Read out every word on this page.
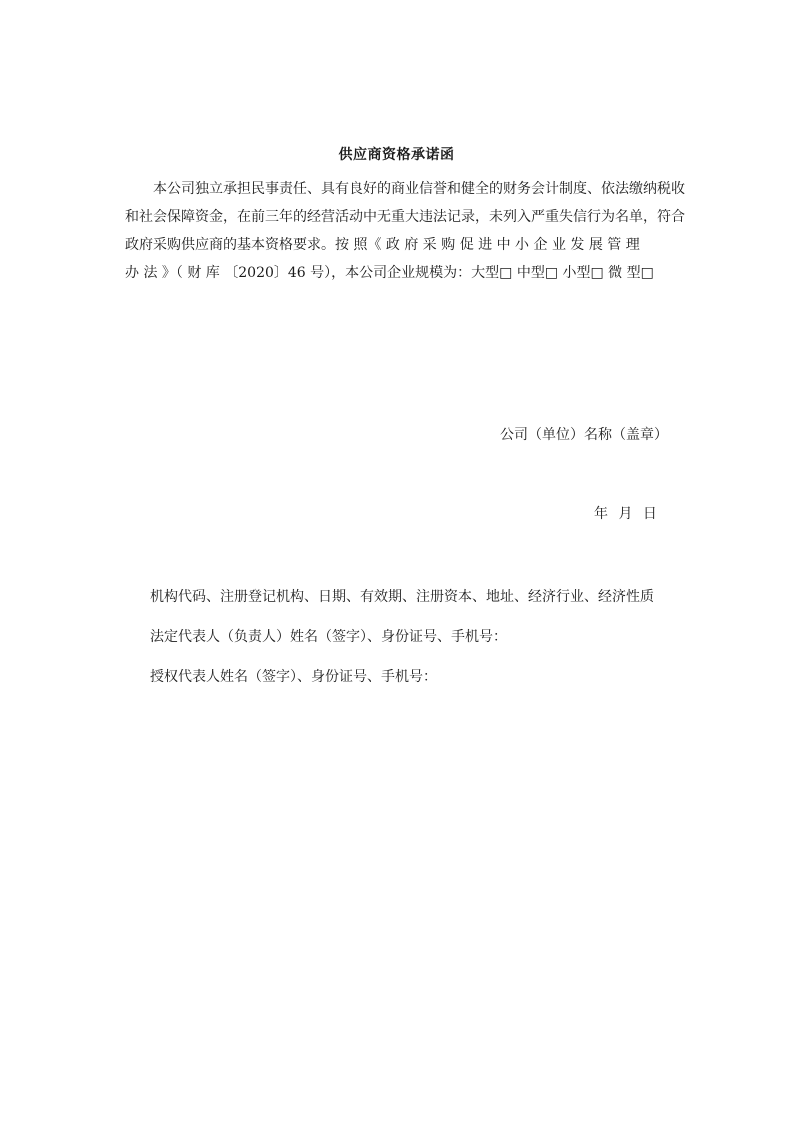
供应商资格承诺函
本公司独立承担民事责任、具有良好的商业信誉和健全的财务会计制度、依法缴纳税收
和社会保障资金，在前三年的经营活动中无重大违法记录，未列入严重失信行为名单，符合
政府采购供应商的基本资格要求。按 照《 政 府 采 购 促 进 中 小 企 业 发 展 管 理
办 法 》（ 财 库 〔2020〕46 号），本公司企业规模为：大型□ 中型□ 小型□ 微 型□
公司（单位）名称（盖章）
年 月 日
机构代码、注册登记机构、日期、有效期、注册资本、地址、经济行业、经济性质
法定代表人（负责人）姓名（签字）、身份证号、手机号：
授权代表人姓名（签字）、身份证号、手机号：
